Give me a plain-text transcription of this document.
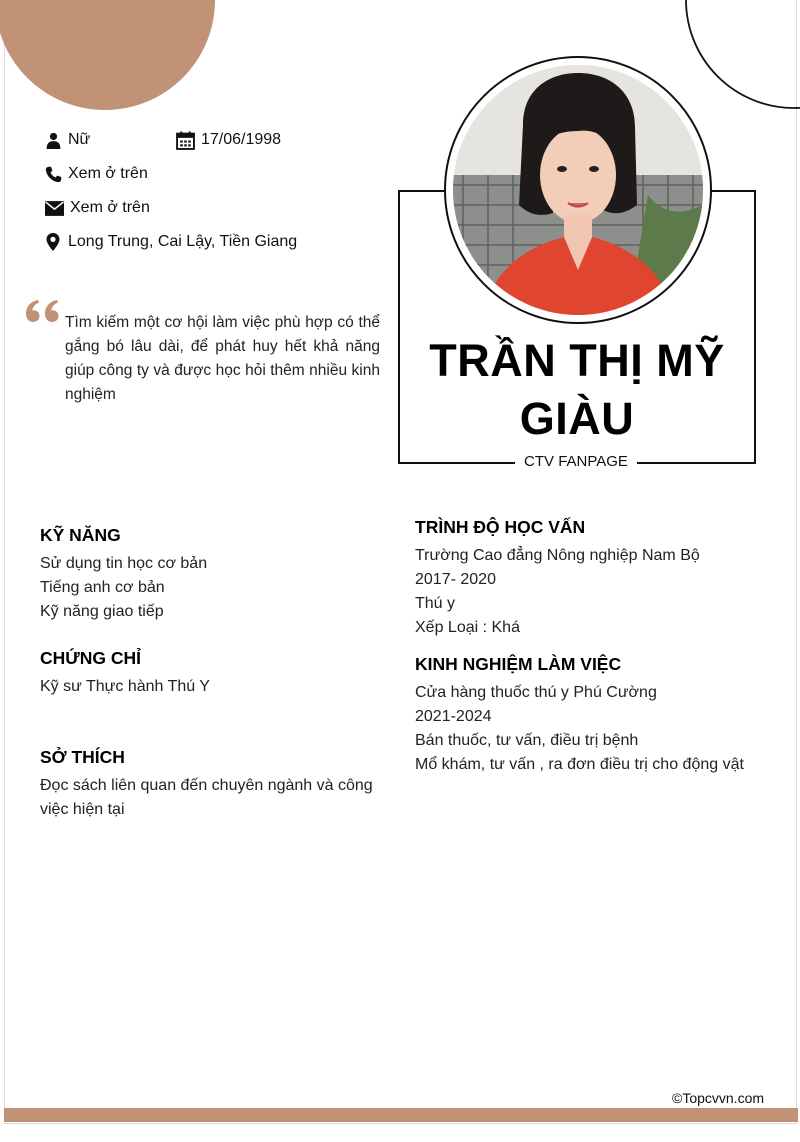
Nữ	17/06/1998
Xem ở trên
Xem ở trên
Long Trung, Cai Lậy, Tiền Giang
Tìm kiếm một cơ hội làm việc phù hợp có thể gắng bó lâu dài, để phát huy hết khả năng giúp công ty và được học hỏi thêm nhiều kinh nghiệm
TRẦN THỊ MỸ
GIÀU
CTV FANPAGE
KỸ NĂNG
Sử dụng tin học cơ bản
Tiếng anh cơ bản
Kỹ năng giao tiếp
CHỨNG CHỈ
Kỹ sư Thực hành Thú Y
SỞ THÍCH
Đọc sách liên quan đến chuyên ngành và công
việc hiện tại
TRÌNH ĐỘ HỌC VẤN
Trường Cao đẳng Nông nghiệp Nam Bộ
2017- 2020
Thú y
Xếp Loại : Khá
KINH NGHIỆM LÀM VIỆC
Cửa hàng thuốc thú y Phú Cường
2021-2024
Bán thuốc, tư vấn, điều trị bệnh
Mổ khám, tư vấn , ra đơn điều trị cho động vật
©Topcvvn.com
